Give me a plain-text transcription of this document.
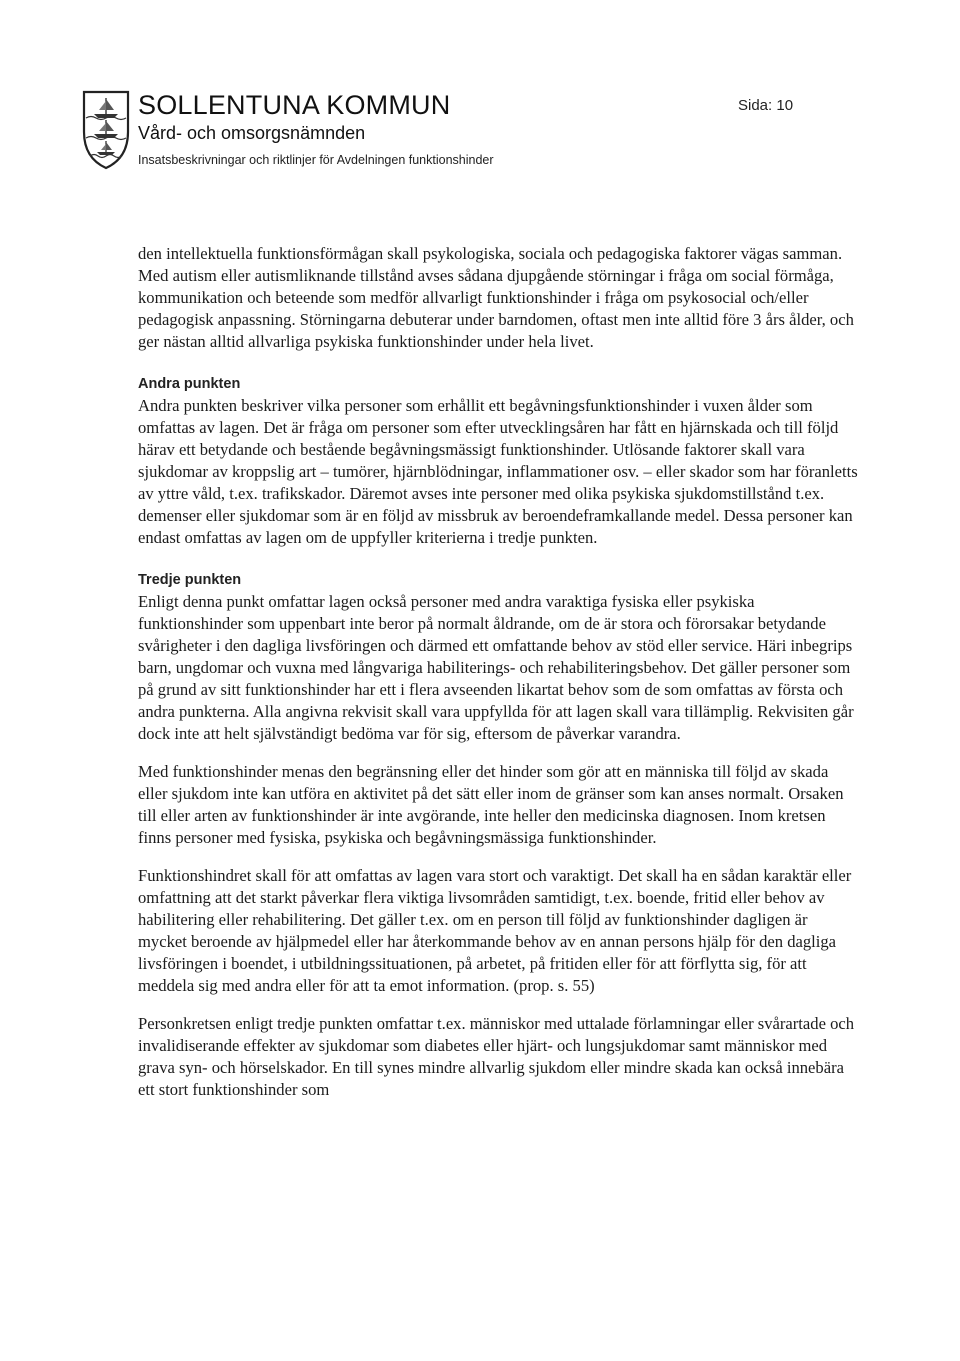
SOLLENTUNA KOMMUN
Vård- och omsorgsnämnden
Insatsbeskrivningar och riktlinjer för Avdelningen funktionshinder
Sida: 10

den intellektuella funktionsförmågan skall psykologiska, sociala och pedagogiska faktorer vägas samman.

Med autism eller autismliknande tillstånd avses sådana djupgående störningar i fråga om social förmåga, kommunikation och beteende som medför allvarligt funktionshinder i fråga om psykosocial och/eller pedagogisk anpassning. Störningarna debuterar under barndomen, oftast men inte alltid före 3 års ålder, och ger nästan alltid allvarliga psykiska funktionshinder under hela livet.

Andra punkten

Andra punkten beskriver vilka personer som erhållit ett begåvningsfunktionshinder i vuxen ålder som omfattas av lagen. Det är fråga om personer som efter utvecklingsåren har fått en hjärnskada och till följd härav ett betydande och bestående begåvningsmässigt funktionshinder. Utlösande faktorer skall vara sjukdomar av kroppslig art – tumörer, hjärnblödningar, inflammationer osv. – eller skador som har föranletts av yttre våld, t.ex. trafikskador. Däremot avses inte personer med olika psykiska sjukdomstillstånd t.ex. demenser eller sjukdomar som är en följd av missbruk av beroendeframkallande medel. Dessa personer kan endast omfattas av lagen om de uppfyller kriterierna i tredje punkten.

Tredje punkten

Enligt denna punkt omfattar lagen också personer med andra varaktiga fysiska eller psykiska funktionshinder som uppenbart inte beror på normalt åldrande, om de är stora och förorsakar betydande svårigheter i den dagliga livsföringen och därmed ett omfattande behov av stöd eller service. Häri inbegrips barn, ungdomar och vuxna med långvariga habiliterings- och rehabiliteringsbehov. Det gäller personer som på grund av sitt funktionshinder har ett i flera avseenden likartat behov som de som omfattas av första och andra punkterna. Alla angivna rekvisit skall vara uppfyllda för att lagen skall vara tillämplig. Rekvisiten går dock inte att helt självständigt bedöma var för sig, eftersom de påverkar varandra.

Med funktionshinder menas den begränsning eller det hinder som gör att en människa till följd av skada eller sjukdom inte kan utföra en aktivitet på det sätt eller inom de gränser som kan anses normalt. Orsaken till eller arten av funktionshinder är inte avgörande, inte heller den medicinska diagnosen. Inom kretsen finns personer med fysiska, psykiska och begåvningsmässiga funktionshinder.

Funktionshindret skall för att omfattas av lagen vara stort och varaktigt. Det skall ha en sådan karaktär eller omfattning att det starkt påverkar flera viktiga livsområden samtidigt, t.ex. boende, fritid eller behov av habilitering eller rehabilitering. Det gäller t.ex. om en person till följd av funktionshinder dagligen är mycket beroende av hjälpmedel eller har återkommande behov av en annan persons hjälp för den dagliga livsföringen i boendet, i utbildningssituationen, på arbetet, på fritiden eller för att förflytta sig, för att meddela sig med andra eller för att ta emot information. (prop. s. 55)

Personkretsen enligt tredje punkten omfattar t.ex. människor med uttalade förlamningar eller svårartade och invalidiserande effekter av sjukdomar som diabetes eller hjärt- och lungsjukdomar samt människor med grava syn- och hörselskador. En till synes mindre allvarlig sjukdom eller mindre skada kan också innebära ett stort funktionshinder som
